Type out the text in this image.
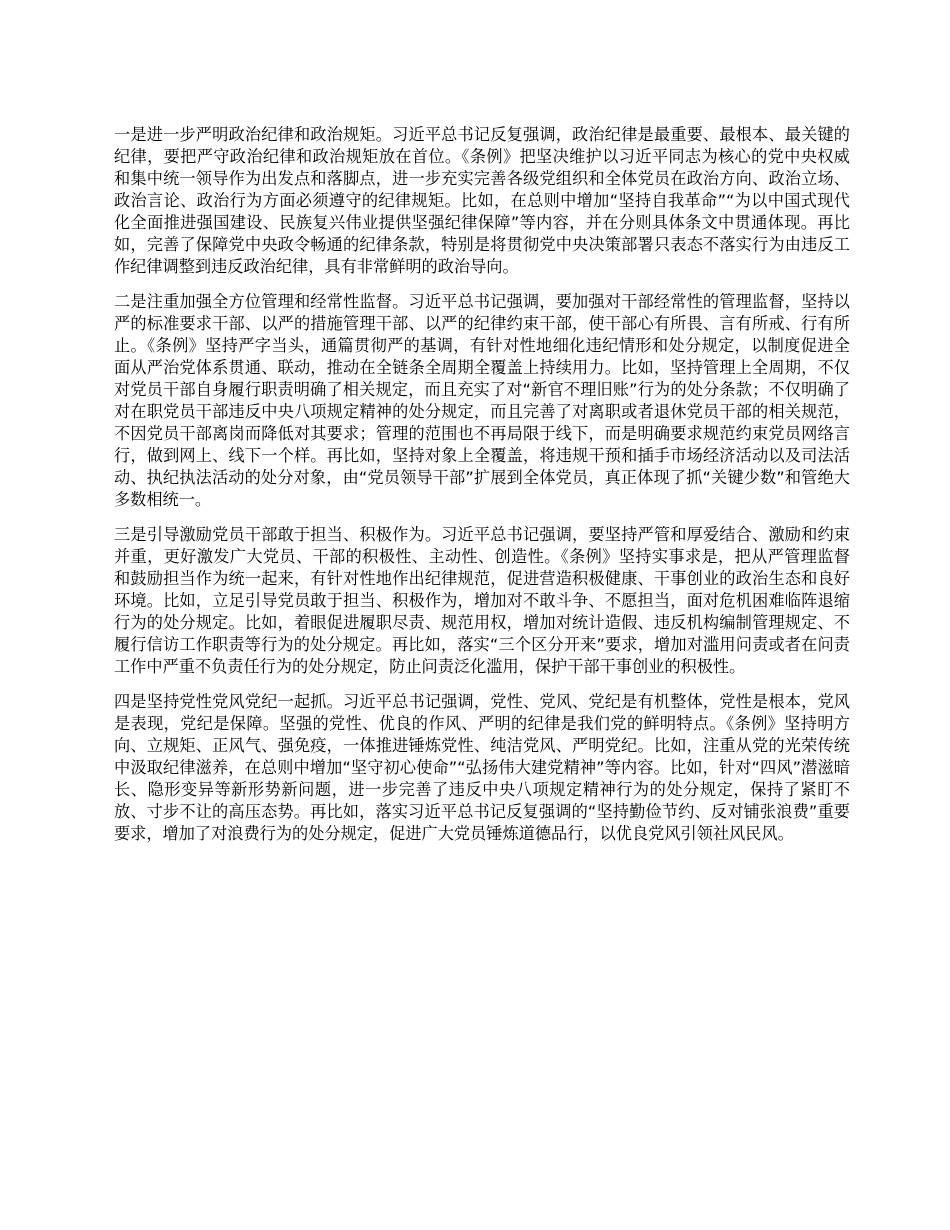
一是进一步严明政治纪律和政治规矩。习近平总书记反复强调，政治纪律是最重要、最根本、最关键的纪律，要把严守政治纪律和政治规矩放在首位。《条例》把坚决维护以习近平同志为核心的党中央权威和集中统一领导作为出发点和落脚点，进一步充实完善各级党组织和全体党员在政治方向、政治立场、政治言论、政治行为方面必须遵守的纪律规矩。比如，在总则中增加“坚持自我革命”“为以中国式现代化全面推进强国建设、民族复兴伟业提供坚强纪律保障”等内容，并在分则具体条文中贯通体现。再比如，完善了保障党中央政令畅通的纪律条款，特别是将贯彻党中央决策部署只表态不落实行为由违反工作纪律调整到违反政治纪律，具有非常鲜明的政治导向。

二是注重加强全方位管理和经常性监督。习近平总书记强调，要加强对干部经常性的管理监督，坚持以严的标准要求干部、以严的措施管理干部、以严的纪律约束干部，使干部心有所畏、言有所戒、行有所止。《条例》坚持严字当头，通篇贯彻严的基调，有针对性地细化违纪情形和处分规定，以制度促进全面从严治党体系贯通、联动，推动在全链条全周期全覆盖上持续用力。比如，坚持管理上全周期，不仅对党员干部自身履行职责明确了相关规定，而且充实了对“新官不理旧账”行为的处分条款；不仅明确了对在职党员干部违反中央八项规定精神的处分规定，而且完善了对离职或者退休党员干部的相关规范，不因党员干部离岗而降低对其要求；管理的范围也不再局限于线下，而是明确要求规范约束党员网络言行，做到网上、线下一个样。再比如，坚持对象上全覆盖，将违规干预和插手市场经济活动以及司法活动、执纪执法活动的处分对象，由“党员领导干部”扩展到全体党员，真正体现了抓“关键少数”和管绝大多数相统一。

三是引导激励党员干部敢于担当、积极作为。习近平总书记强调，要坚持严管和厚爱结合、激励和约束并重，更好激发广大党员、干部的积极性、主动性、创造性。《条例》坚持实事求是，把从严管理监督和鼓励担当作为统一起来，有针对性地作出纪律规范，促进营造积极健康、干事创业的政治生态和良好环境。比如，立足引导党员敢于担当、积极作为，增加对不敢斗争、不愿担当，面对危机困难临阵退缩行为的处分规定。比如，着眼促进履职尽责、规范用权，增加对统计造假、违反机构编制管理规定、不履行信访工作职责等行为的处分规定。再比如，落实“三个区分开来”要求，增加对滥用问责或者在问责工作中严重不负责任行为的处分规定，防止问责泛化滥用，保护干部干事创业的积极性。

四是坚持党性党风党纪一起抓。习近平总书记强调，党性、党风、党纪是有机整体，党性是根本，党风是表现，党纪是保障。坚强的党性、优良的作风、严明的纪律是我们党的鲜明特点。《条例》坚持明方向、立规矩、正风气、强免疫，一体推进锤炼党性、纯洁党风、严明党纪。比如，注重从党的光荣传统中汲取纪律滋养，在总则中增加“坚守初心使命”“弘扬伟大建党精神”等内容。比如，针对“四风”潜滋暗长、隐形变异等新形势新问题，进一步完善了违反中央八项规定精神行为的处分规定，保持了紧盯不放、寸步不让的高压态势。再比如，落实习近平总书记反复强调的“坚持勤俭节约、反对铺张浪费”重要要求，增加了对浪费行为的处分规定，促进广大党员锤炼道德品行，以优良党风引领社风民风。
